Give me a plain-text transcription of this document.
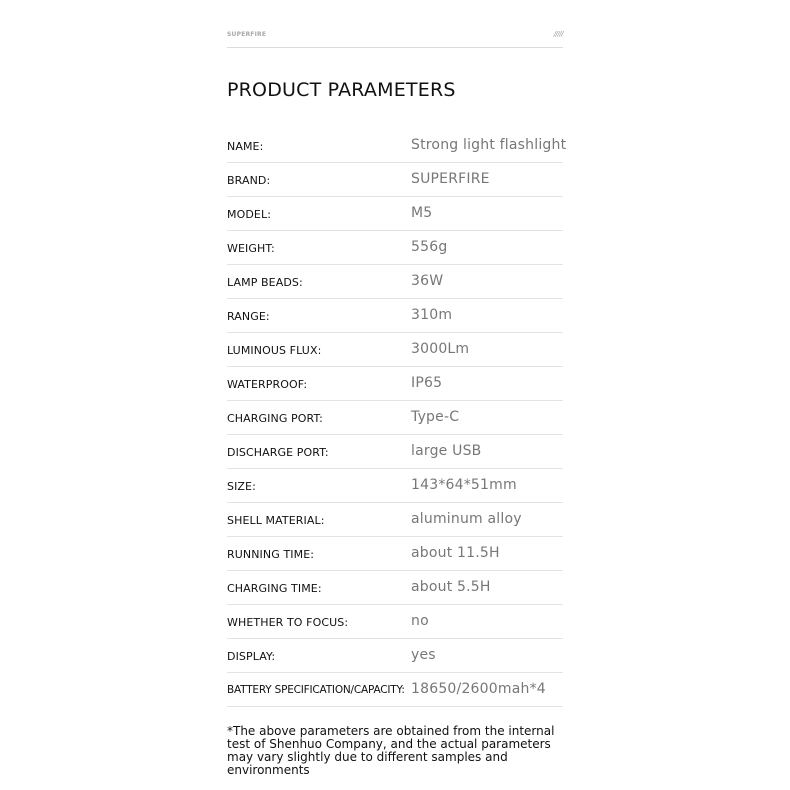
SUPERFIRE	/////
PRODUCT PARAMETERS
NAME:	Strong light flashlight
BRAND:	SUPERFIRE
MODEL:	M5
WEIGHT:	556g
LAMP BEADS:	36W
RANGE:	310m
LUMINOUS FLUX:	3000Lm
WATERPROOF:	IP65
CHARGING PORT:	Type-C
DISCHARGE PORT:	large USB
SIZE:	143*64*51mm
SHELL MATERIAL:	aluminum alloy
RUNNING TIME:	about 11.5H
CHARGING TIME:	about 5.5H
WHETHER TO FOCUS:	no
DISPLAY:	yes
BATTERY SPECIFICATION/CAPACITY: 18650/2600mah*4
*The above parameters are obtained from the internal test of Shenhuo Company, and the actual parameters may vary slightly due to different samples and environments
